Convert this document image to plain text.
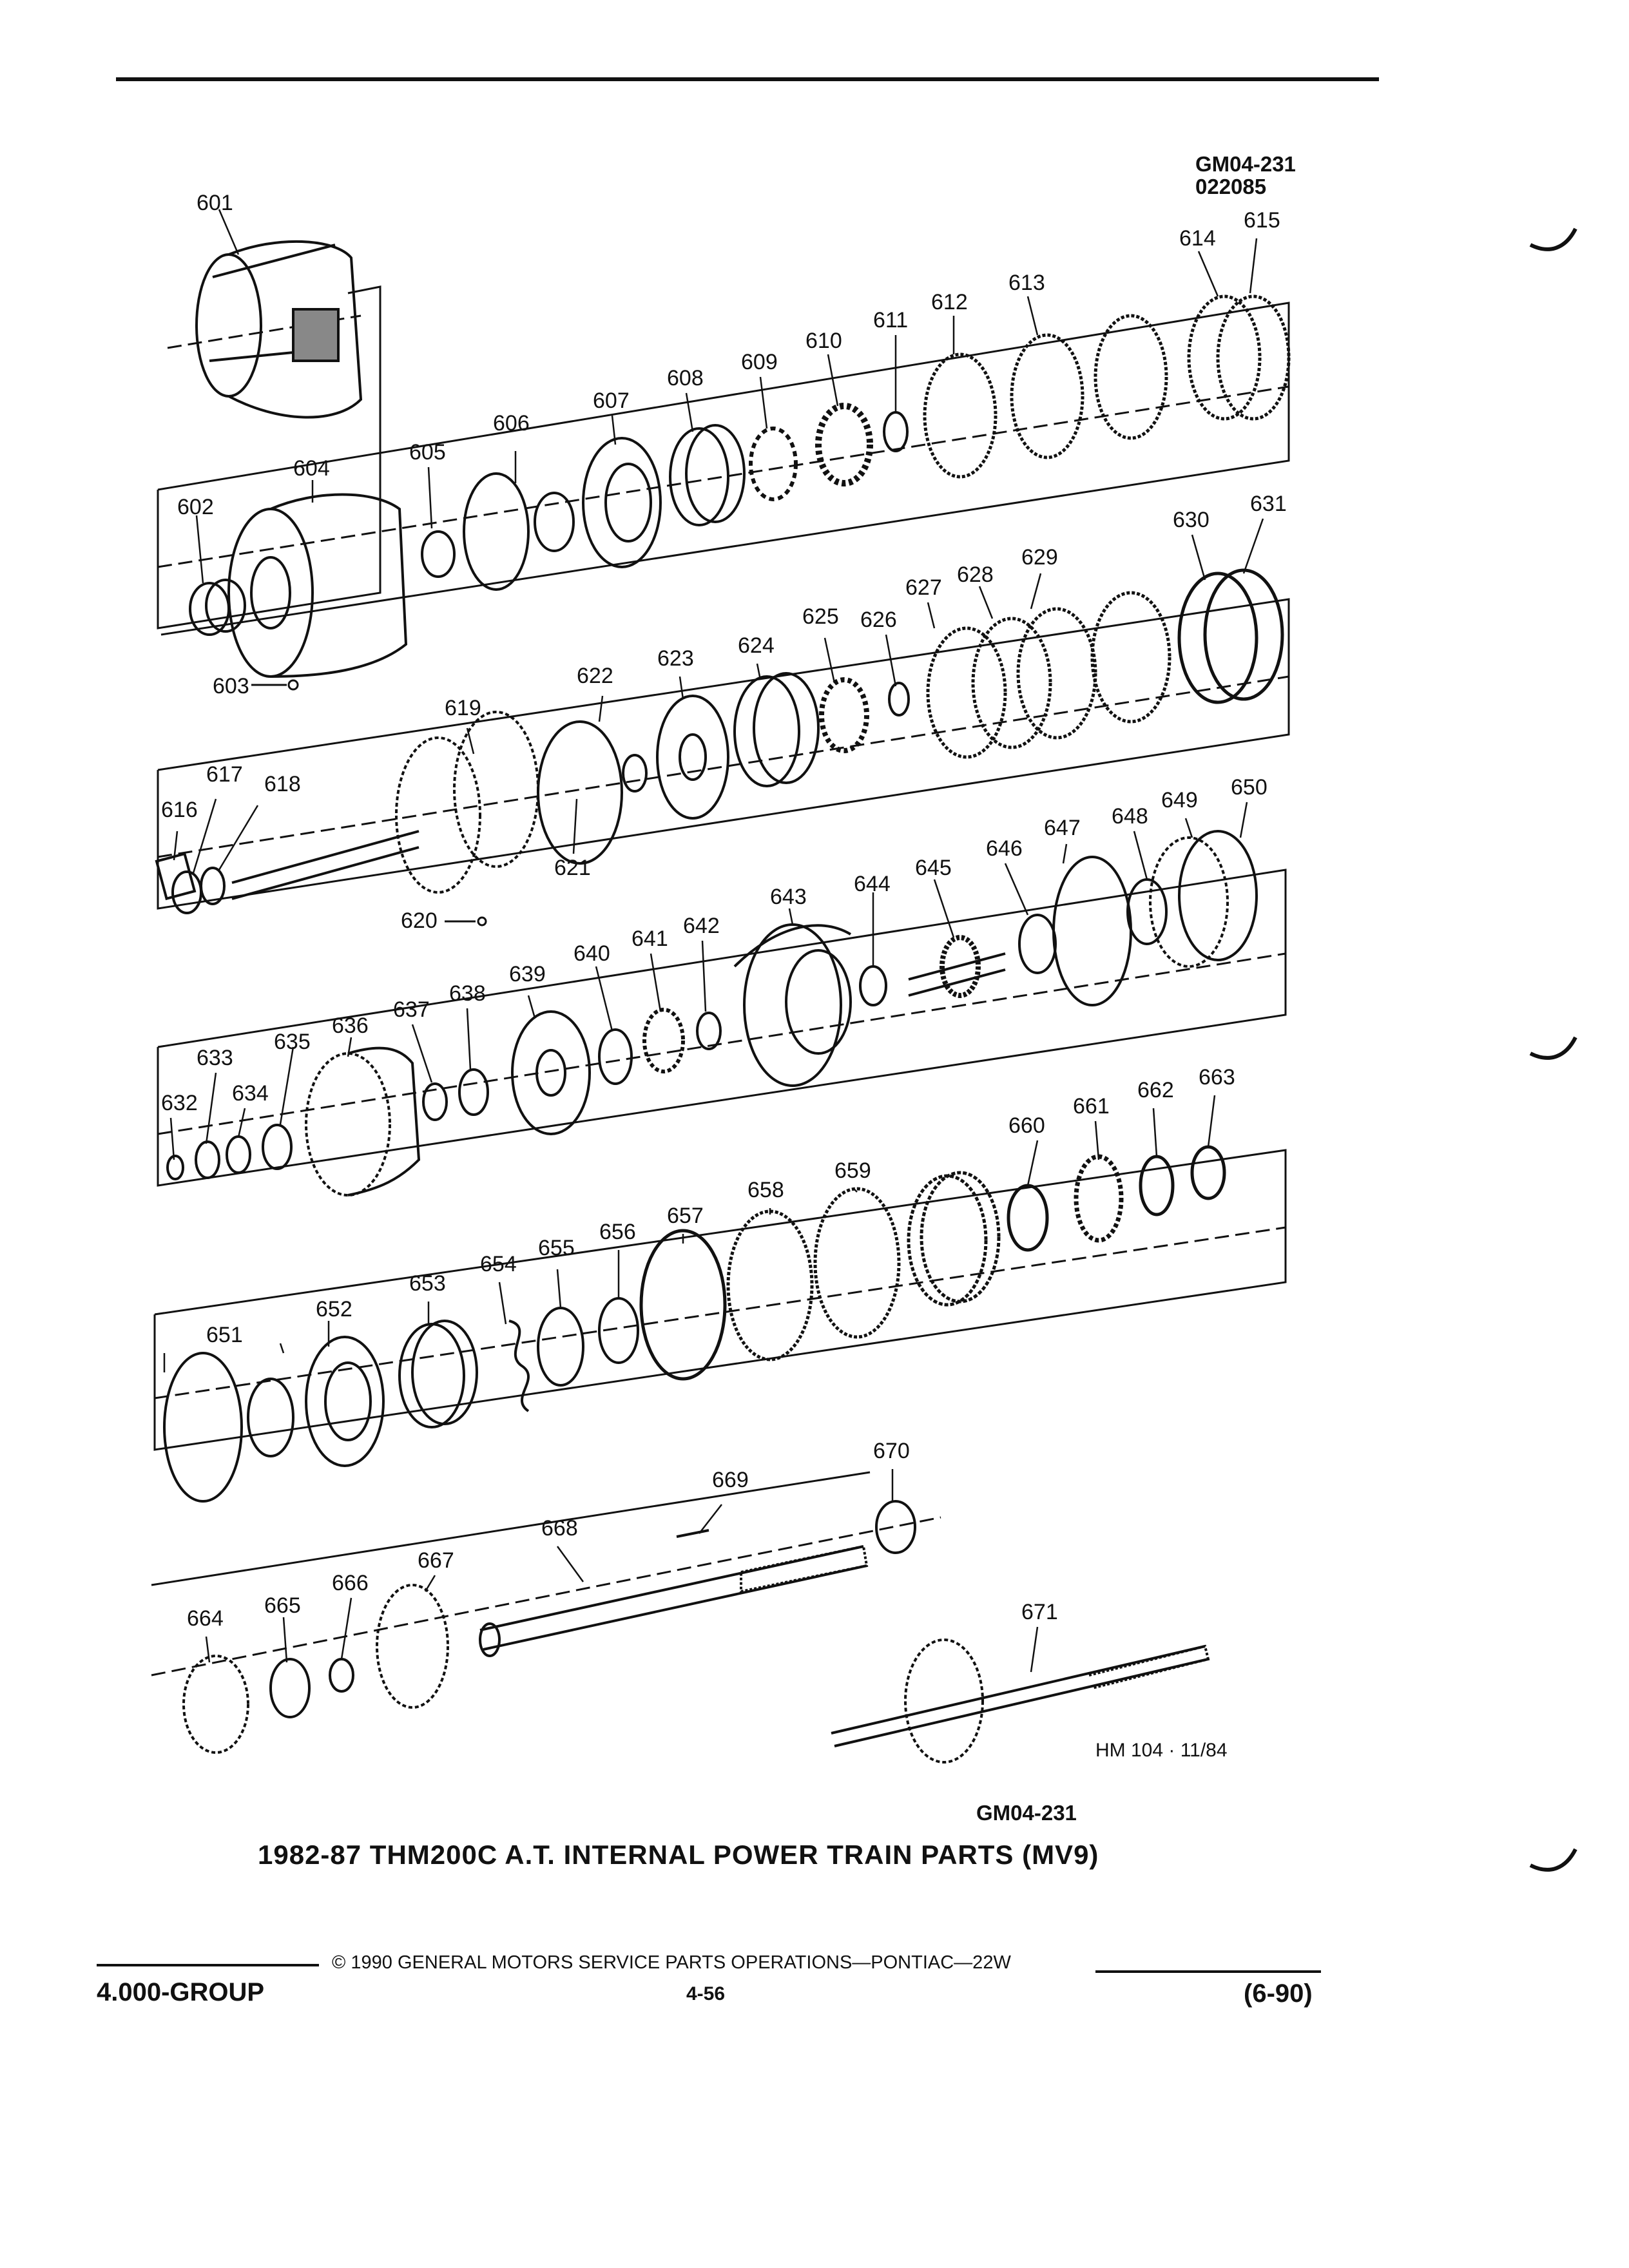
GM04-231
022085
601
602
603
604
605
606
607
608
609
610
611
612
613
614
615
616
617 618
619
620
621
622
623
624
625 626
627
628
629
630
631
632
633
634
635
636
637
638
639
640
641
642
643
644
645
646
647 648
649
650
651
652
653
654
655
656
657
658
659
660
661
662
663
664
665
666
667
668
669
670
671
HM 104 · 11/84
GM04-231
1982-87 THM200C A.T. INTERNAL POWER TRAIN PARTS (MV9)
© 1990 GENERAL MOTORS SERVICE PARTS OPERATIONS—PONTIAC—22W
4.000-GROUP	4-56	(6-90)
